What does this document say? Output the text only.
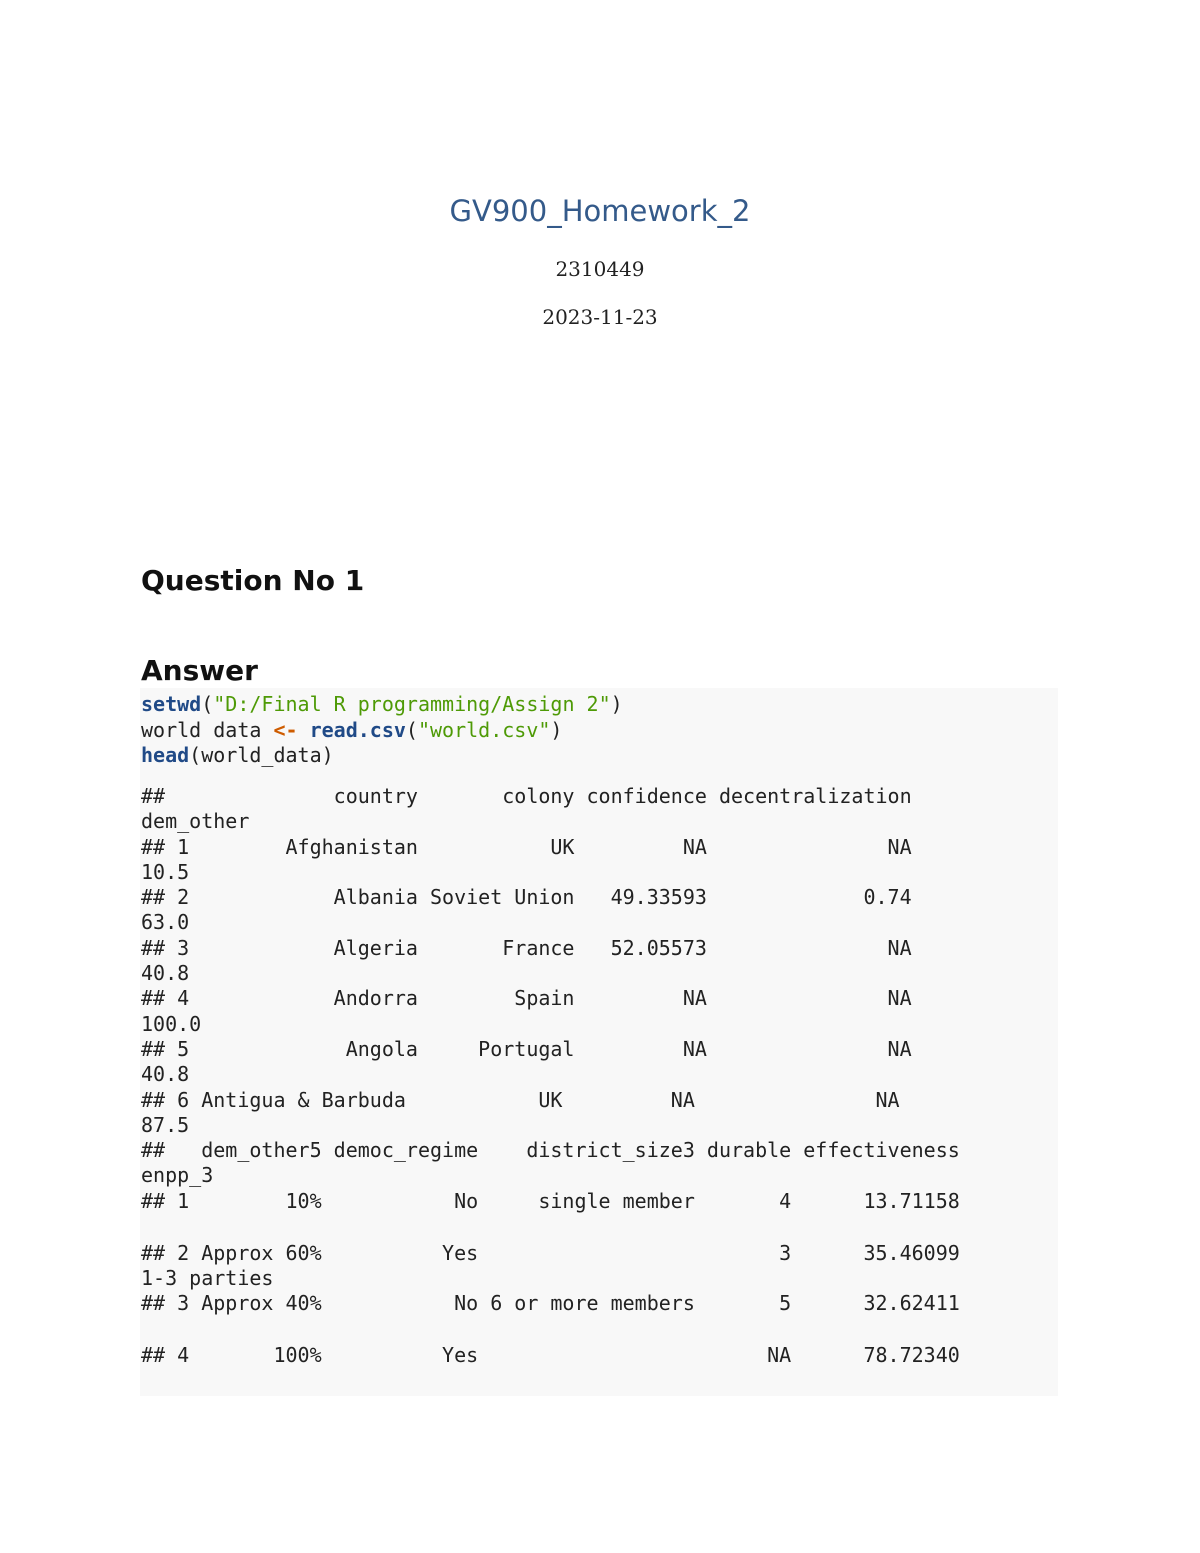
GV900_Homework_2
2310449
2023-11-23
Question No 1
Answer
setwd("D:/Final R programming/Assign 2")
world data <- read.csv("world.csv")
head(world_data)
##              country       colony confidence decentralization
dem_other
## 1        Afghanistan           UK         NA               NA
10.5
## 2            Albania Soviet Union   49.33593             0.74
63.0
## 3            Algeria       France   52.05573               NA
40.8
## 4            Andorra        Spain         NA               NA
100.0
## 5             Angola     Portugal         NA               NA
40.8
## 6 Antigua & Barbuda           UK         NA               NA
87.5
##   dem_other5 democ_regime    district_size3 durable effectiveness
enpp_3
## 1        10%           No     single member       4      13.71158
## 2 Approx 60%          Yes                         3      35.46099
1-3 parties
## 3 Approx 40%           No 6 or more members       5      32.62411
## 4       100%          Yes                        NA      78.72340
